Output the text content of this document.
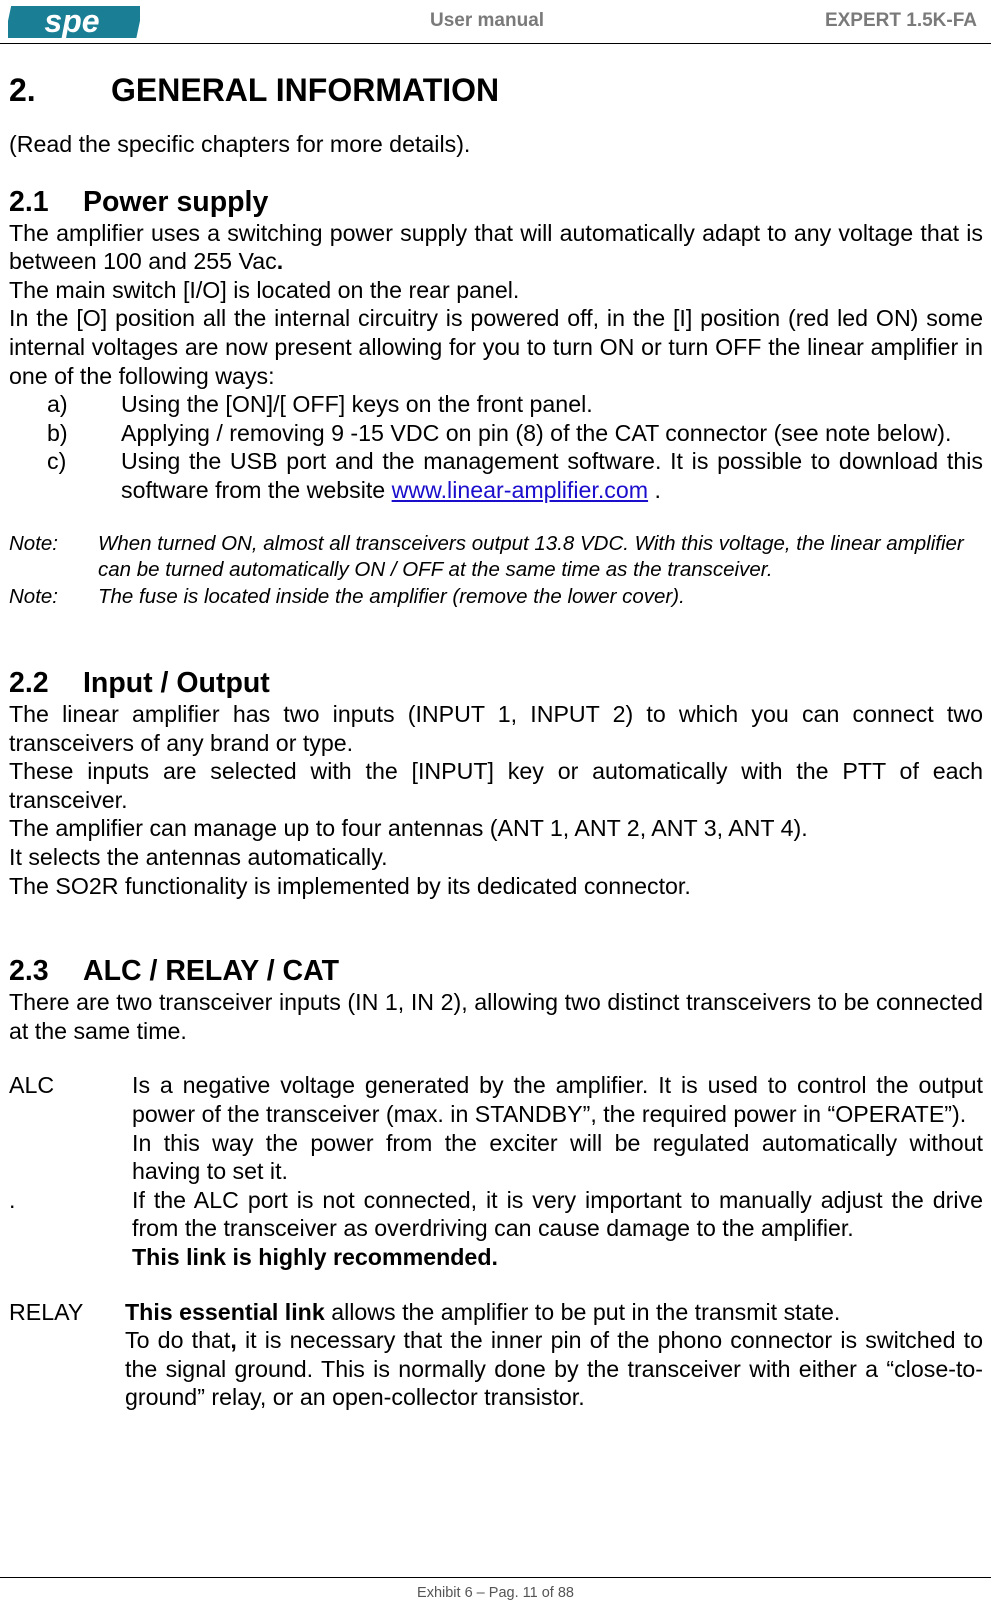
spe	User manual	EXPERT 1.5K-FA
2.	GENERAL INFORMATION
(Read the specific chapters for more details).
2.1	Power supply
The amplifier uses a switching power supply that will automatically adapt to any voltage that is between 100 and 255 Vac.
The main switch [I/O] is located on the rear panel.
In the [O] position all the internal circuitry is powered off, in the [I] position (red led ON) some internal voltages are now present allowing for you to turn ON or turn OFF the linear amplifier in one of the following ways:
a)	Using the [ON]/[ OFF] keys on the front panel.
b)	Applying / removing 9 -15 VDC on pin (8) of the CAT connector (see note below).
c)	Using the USB port and the management software. It is possible to download this software from the website www.linear-amplifier.com .
Note:	When turned ON, almost all transceivers output 13.8 VDC. With this voltage, the linear amplifier can be turned automatically ON / OFF at the same time as the transceiver.
Note:	The fuse is located inside the amplifier (remove the lower cover).
2.2	Input / Output
The linear amplifier has two inputs (INPUT 1, INPUT 2) to which you can connect two transceivers of any brand or type.
These inputs are selected with the [INPUT] key or automatically with the PTT of each transceiver.
The amplifier can manage up to four antennas (ANT 1, ANT 2, ANT 3, ANT 4).
It selects the antennas automatically.
The SO2R functionality is implemented by its dedicated connector.
2.3	ALC / RELAY / CAT
There are two transceiver inputs (IN 1, IN 2), allowing two distinct transceivers to be connected at the same time.
ALC	Is a negative voltage generated by the amplifier. It is used to control the output power of the transceiver (max. in STANDBY”, the required power in “OPERATE”).
In this way the power from the exciter will be regulated automatically without having to set it.
.	If the ALC port is not connected, it is very important to manually adjust the drive from the transceiver as overdriving can cause damage to the amplifier.
This link is highly recommended.
RELAY	This essential link allows the amplifier to be put in the transmit state.
To do that, it is necessary that the inner pin of the phono connector is switched to the signal ground. This is normally done by the transceiver with either a “close-to-ground” relay, or an open-collector transistor.
Exhibit 6 – Pag. 11 of 88
